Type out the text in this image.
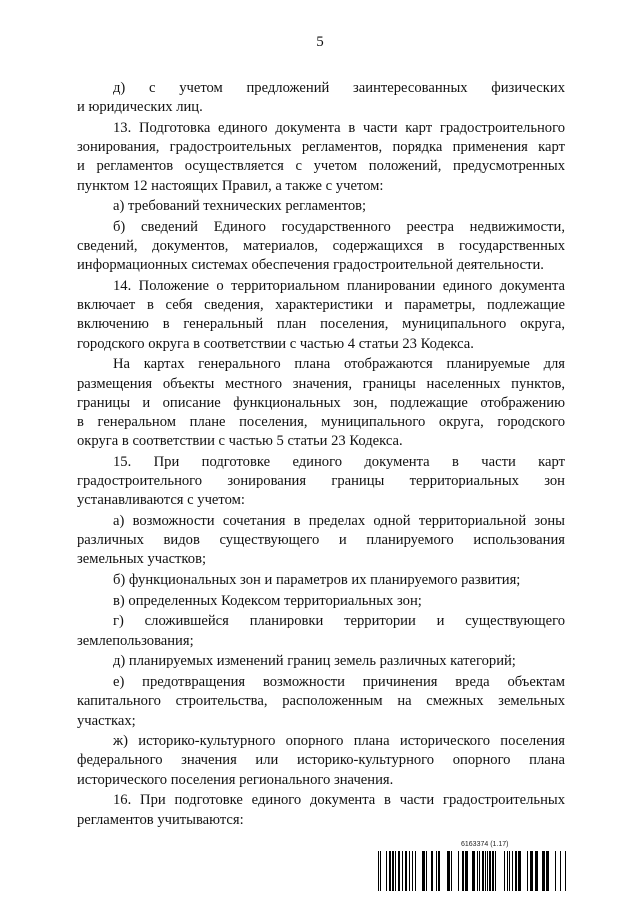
5
д) с учетом предложений заинтересованных физических
и юридических лиц.
13. Подготовка единого документа в части карт градостроительного
зонирования, градостроительных регламентов, порядка применения карт
и регламентов осуществляется с учетом положений, предусмотренных
пунктом 12 настоящих Правил, а также с учетом:
а) требований технических регламентов;
б) сведений Единого государственного реестра недвижимости,
сведений, документов, материалов, содержащихся в государственных
информационных системах обеспечения градостроительной деятельности.
14. Положение о территориальном планировании единого документа
включает в себя сведения, характеристики и параметры, подлежащие
включению в генеральный план поселения, муниципального округа,
городского округа в соответствии с частью 4 статьи 23 Кодекса.
На картах генерального плана отображаются планируемые для
размещения объекты местного значения, границы населенных пунктов,
границы и описание функциональных зон, подлежащие отображению
в генеральном плане поселения, муниципального округа, городского
округа в соответствии с частью 5 статьи 23 Кодекса.
15. При подготовке единого документа в части карт
градостроительного зонирования границы территориальных зон
устанавливаются с учетом:
а) возможности сочетания в пределах одной территориальной зоны
различных видов существующего и планируемого использования
земельных участков;
б) функциональных зон и параметров их планируемого развития;
в) определенных Кодексом территориальных зон;
г) сложившейся планировки территории и существующего
землепользования;
д) планируемых изменений границ земель различных категорий;
е) предотвращения возможности причинения вреда объектам
капитального строительства, расположенным на смежных земельных
участках;
ж) историко-культурного опорного плана исторического поселения
федерального значения или историко-культурного опорного плана
исторического поселения регионального значения.
16. При подготовке единого документа в части градостроительных
регламентов учитываются:
6163374 (1.17)
